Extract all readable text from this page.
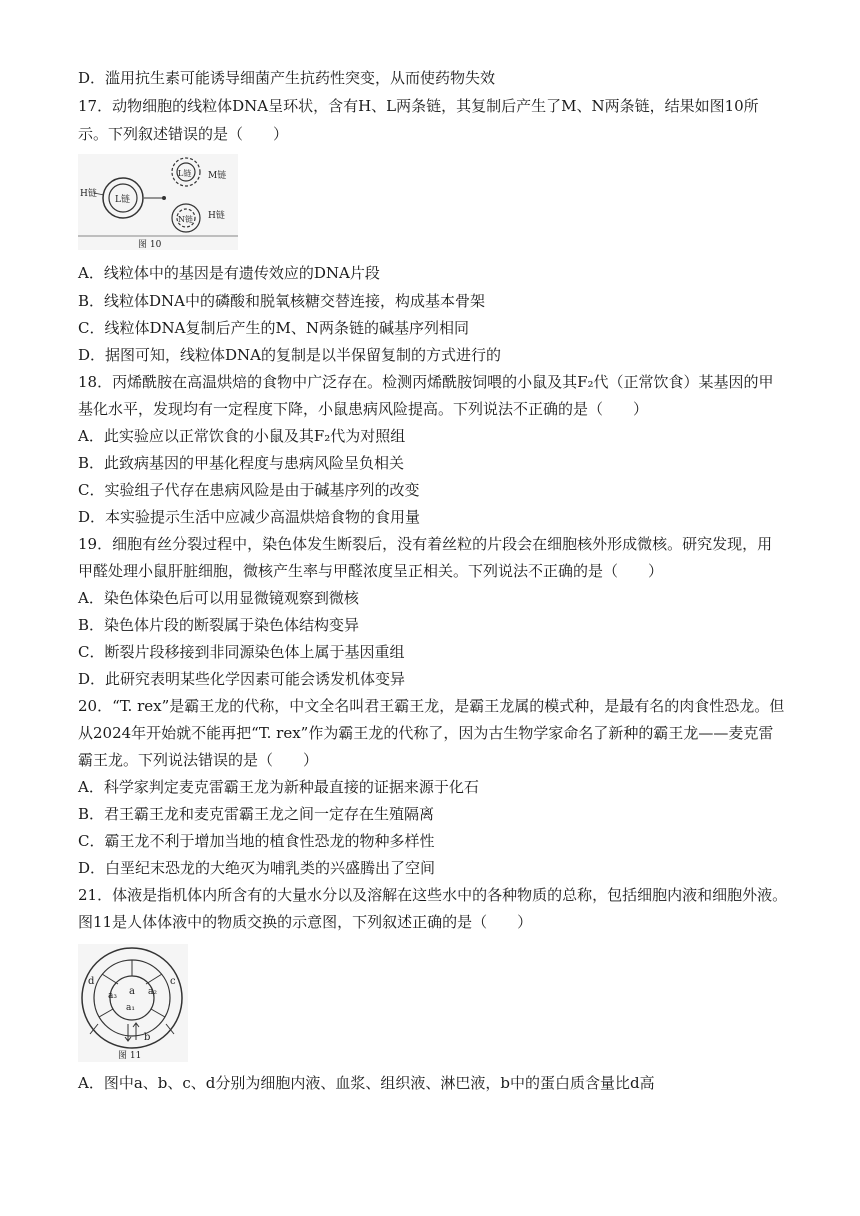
D．滥用抗生素可能诱导细菌产生抗药性突变，从而使药物失效
17．动物细胞的线粒体DNA呈环状，含有H、L两条链，其复制后产生了M、N两条链，结果如图10所
示。下列叙述错误的是（　　）
L链
H链
L链 M链
N链 H链
图 10
A．线粒体中的基因是有遗传效应的DNA片段
B．线粒体DNA中的磷酸和脱氧核糖交替连接，构成基本骨架
C．线粒体DNA复制后产生的M、N两条链的碱基序列相同
D．据图可知，线粒体DNA的复制是以半保留复制的方式进行的
18．丙烯酰胺在高温烘焙的食物中广泛存在。检测丙烯酰胺饲喂的小鼠及其F₂代（正常饮食）某基因的甲
基化水平，发现均有一定程度下降，小鼠患病风险提高。下列说法不正确的是（　　）
A．此实验应以正常饮食的小鼠及其F₂代为对照组
B．此致病基因的甲基化程度与患病风险呈负相关
C．实验组子代存在患病风险是由于碱基序列的改变
D．本实验提示生活中应减少高温烘焙食物的食用量
19．细胞有丝分裂过程中，染色体发生断裂后，没有着丝粒的片段会在细胞核外形成微核。研究发现，用
甲醛处理小鼠肝脏细胞，微核产生率与甲醛浓度呈正相关。下列说法不正确的是（　　）
A．染色体染色后可以用显微镜观察到微核
B．染色体片段的断裂属于染色体结构变异
C．断裂片段移接到非同源染色体上属于基因重组
D．此研究表明某些化学因素可能会诱发机体变异
20．“T. rex”是霸王龙的代称，中文全名叫君王霸王龙，是霸王龙属的模式种，是最有名的肉食性恐龙。但
从2024年开始就不能再把“T. rex”作为霸王龙的代称了，因为古生物学家命名了新种的霸王龙——麦克雷
霸王龙。下列说法错误的是（　　）
A．科学家判定麦克雷霸王龙为新种最直接的证据来源于化石
B．君王霸王龙和麦克雷霸王龙之间一定存在生殖隔离
C．霸王龙不利于增加当地的植食性恐龙的物种多样性
D．白垩纪末恐龙的大绝灭为哺乳类的兴盛腾出了空间
21．体液是指机体内所含有的大量水分以及溶解在这些水中的各种物质的总称，包括细胞内液和细胞外液。
图11是人体体液中的物质交换的示意图，下列叙述正确的是（　　）
a
a₁
a₂
a₃
b
c
d
图 11
A．图中a、b、c、d分别为细胞内液、血浆、组织液、淋巴液，b中的蛋白质含量比d高
